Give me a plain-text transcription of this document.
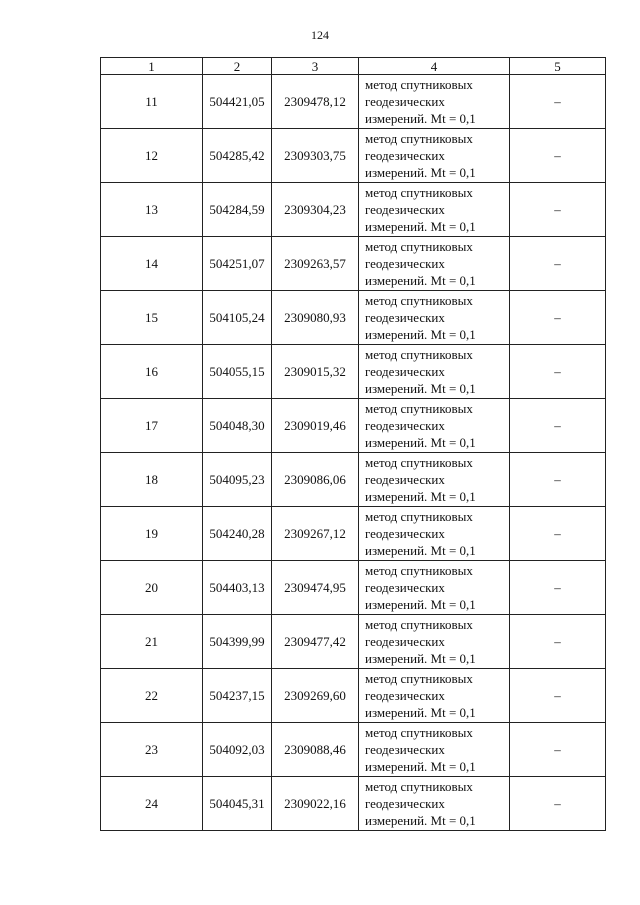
124
1	2	3	4	5
11	504421,05	2309478,12	метод спутниковых
геодезических
измерений. Mt = 0,1	–
12	504285,42	2309303,75	метод спутниковых
геодезических
измерений. Mt = 0,1	–
13	504284,59	2309304,23	метод спутниковых
геодезических
измерений. Mt = 0,1	–
14	504251,07	2309263,57	метод спутниковых
геодезических
измерений. Mt = 0,1	–
15	504105,24	2309080,93	метод спутниковых
геодезических
измерений. Mt = 0,1	–
16	504055,15	2309015,32	метод спутниковых
геодезических
измерений. Mt = 0,1	–
17	504048,30	2309019,46	метод спутниковых
геодезических
измерений. Mt = 0,1	–
18	504095,23	2309086,06	метод спутниковых
геодезических
измерений. Mt = 0,1	–
19	504240,28	2309267,12	метод спутниковых
геодезических
измерений. Mt = 0,1	–
20	504403,13	2309474,95	метод спутниковых
геодезических
измерений. Mt = 0,1	–
21	504399,99	2309477,42	метод спутниковых
геодезических
измерений. Mt = 0,1	–
22	504237,15	2309269,60	метод спутниковых
геодезических
измерений. Mt = 0,1	–
23	504092,03	2309088,46	метод спутниковых
геодезических
измерений. Mt = 0,1	–
24	504045,31	2309022,16	метод спутниковых
геодезических
измерений. Mt = 0,1	–
